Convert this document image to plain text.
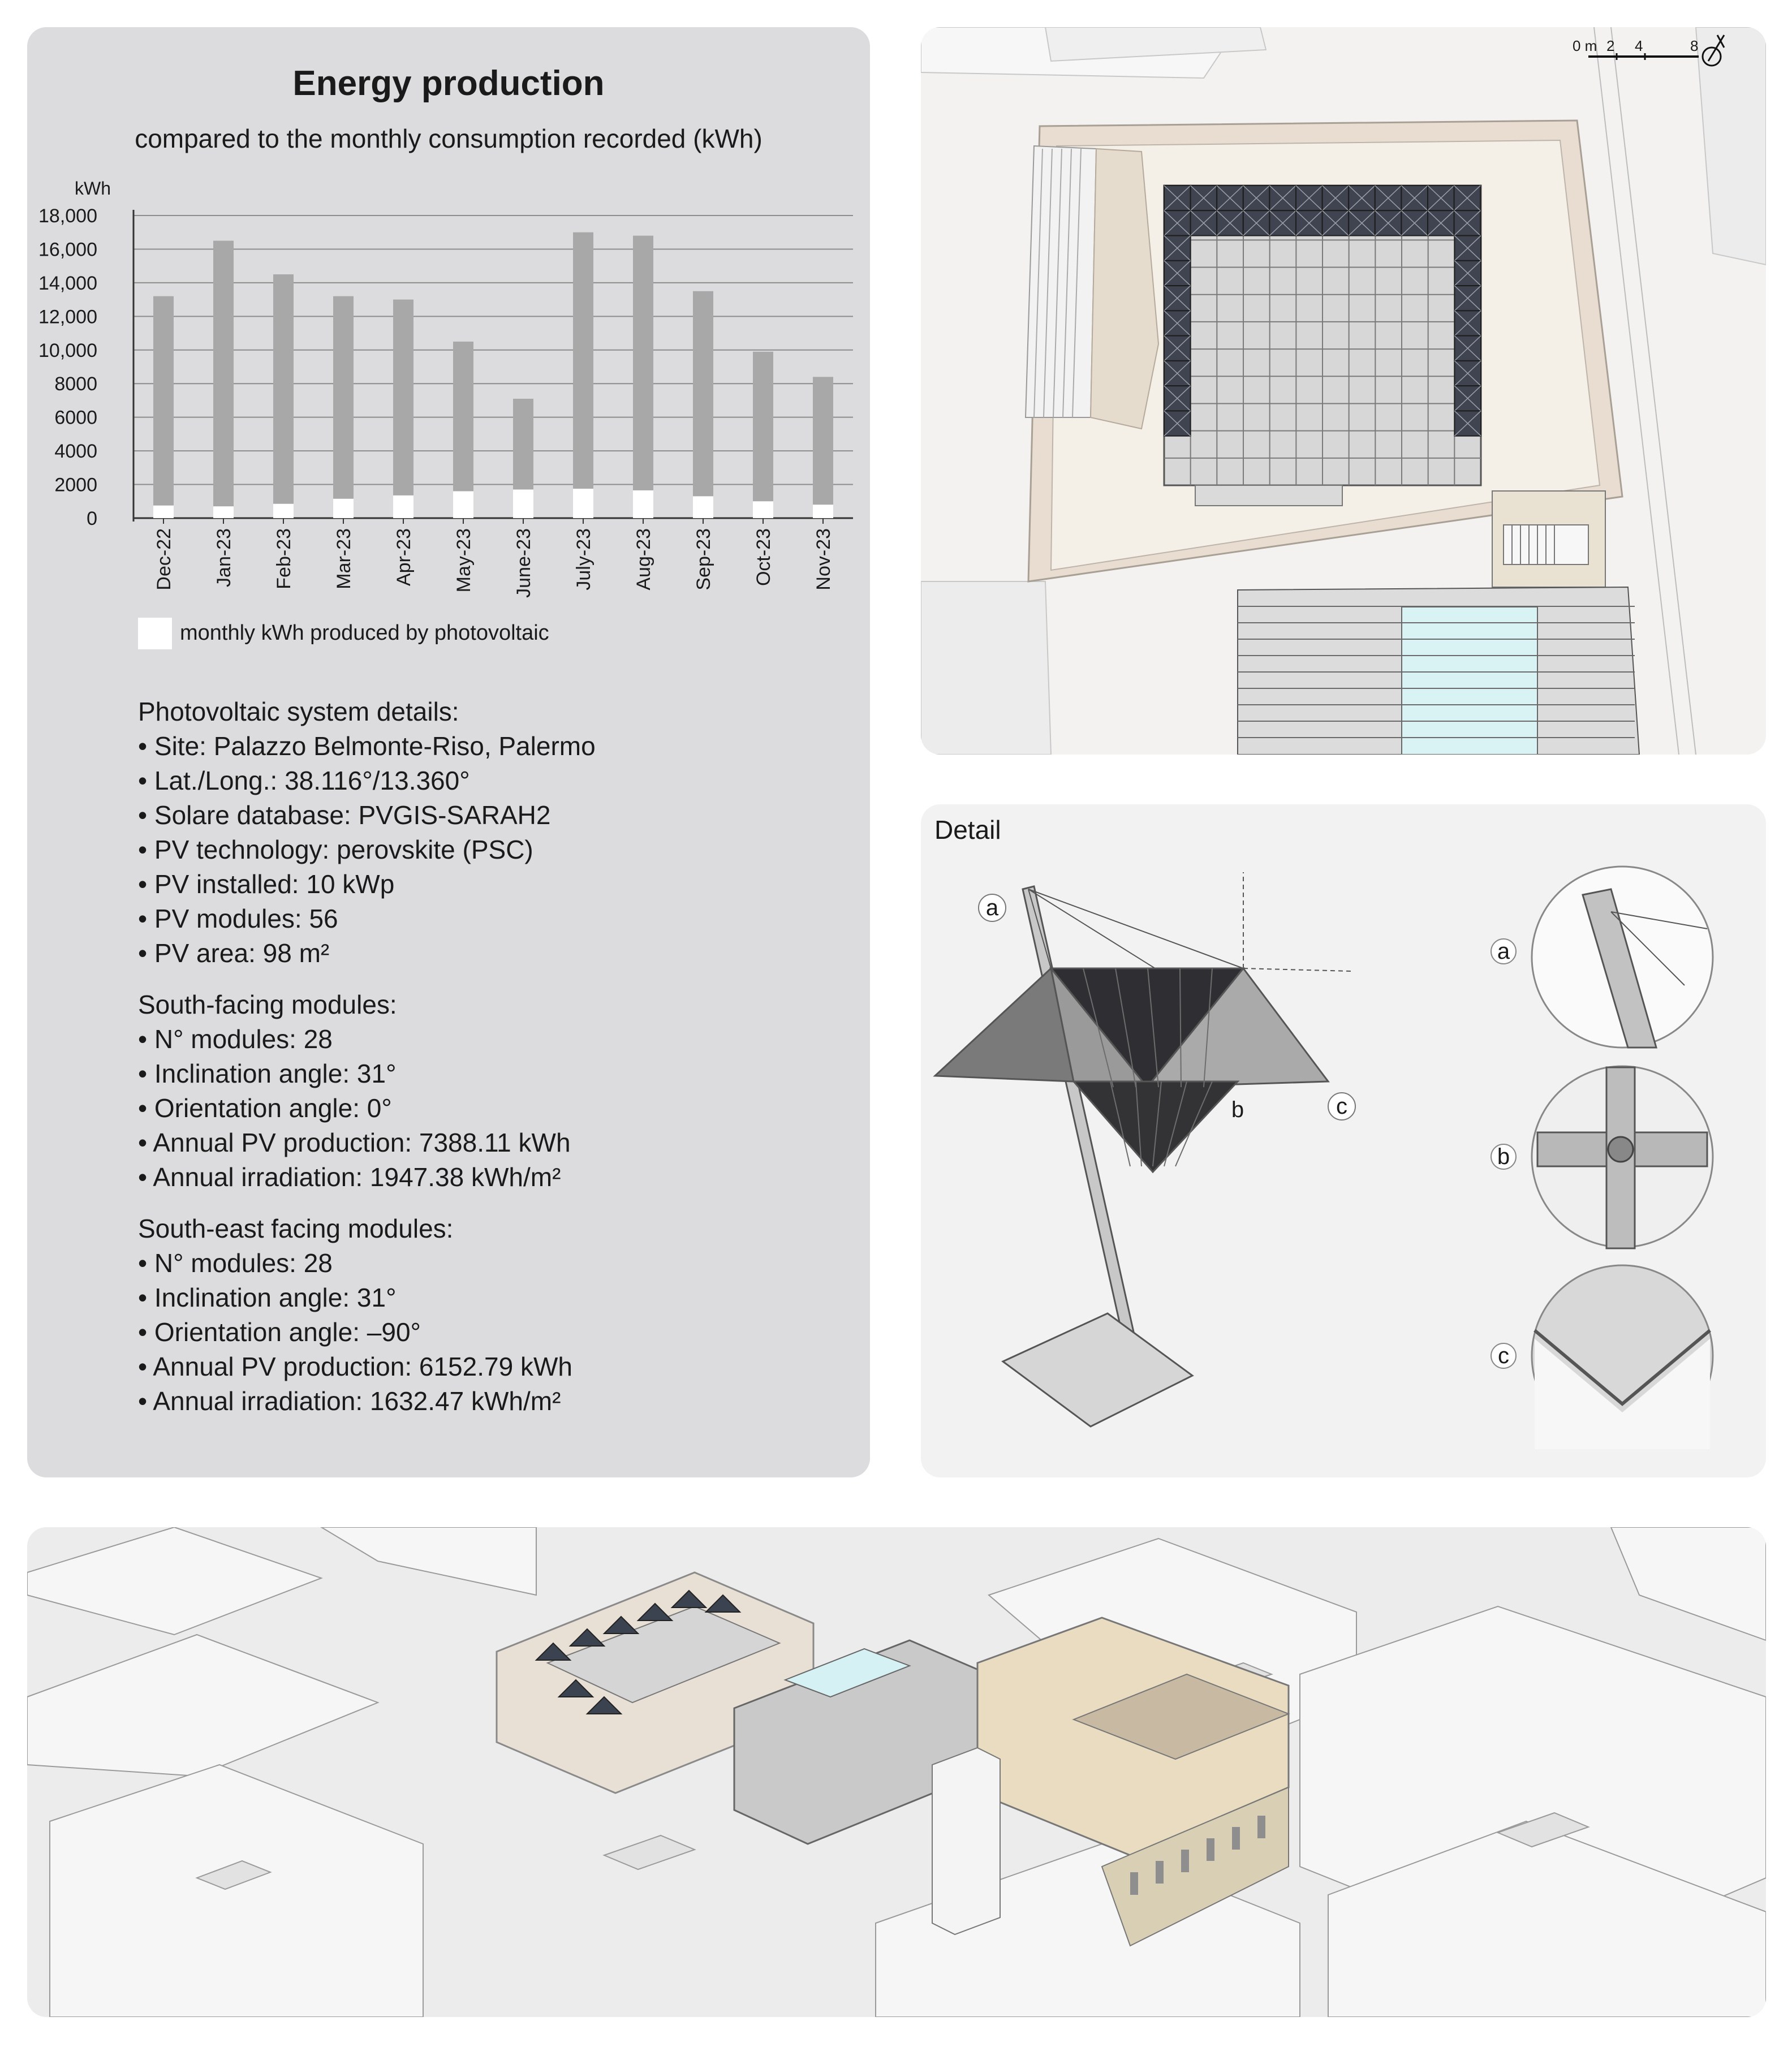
Energy production
compared to the monthly consumption recorded (kWh)
kWh
0
2000
4000
6000
8000
10,000
12,000
14,000
16,000
18,000
Dec-22 Jan-23 Feb-23 Mar-23 Apr-23 May-23 June-23 July-23 Aug-23 Sep-23 Oct-23 Nov-23
monthly kWh produced by photovoltaic
Photovoltaic system details:
• Site: Palazzo Belmonte-Riso, Palermo
• Lat./Long.: 38.116°/13.360°
• Solare database: PVGIS-SARAH2
• PV technology: perovskite (PSC)
• PV installed: 10 kWp
• PV modules: 56
• PV area: 98 m²
South-facing modules:
• N° modules: 28
• Inclination angle: 31°
• Orientation angle: 0°
• Annual PV production: 7388.11 kWh
• Annual irradiation: 1947.38 kWh/m²
South-east facing modules:
• N° modules: 28
• Inclination angle: 31°
• Orientation angle: –90°
• Annual PV production: 6152.79 kWh
• Annual irradiation: 1632.47 kWh/m²
0 m 2 4	8
Detail
a
b	c
a
b
c
